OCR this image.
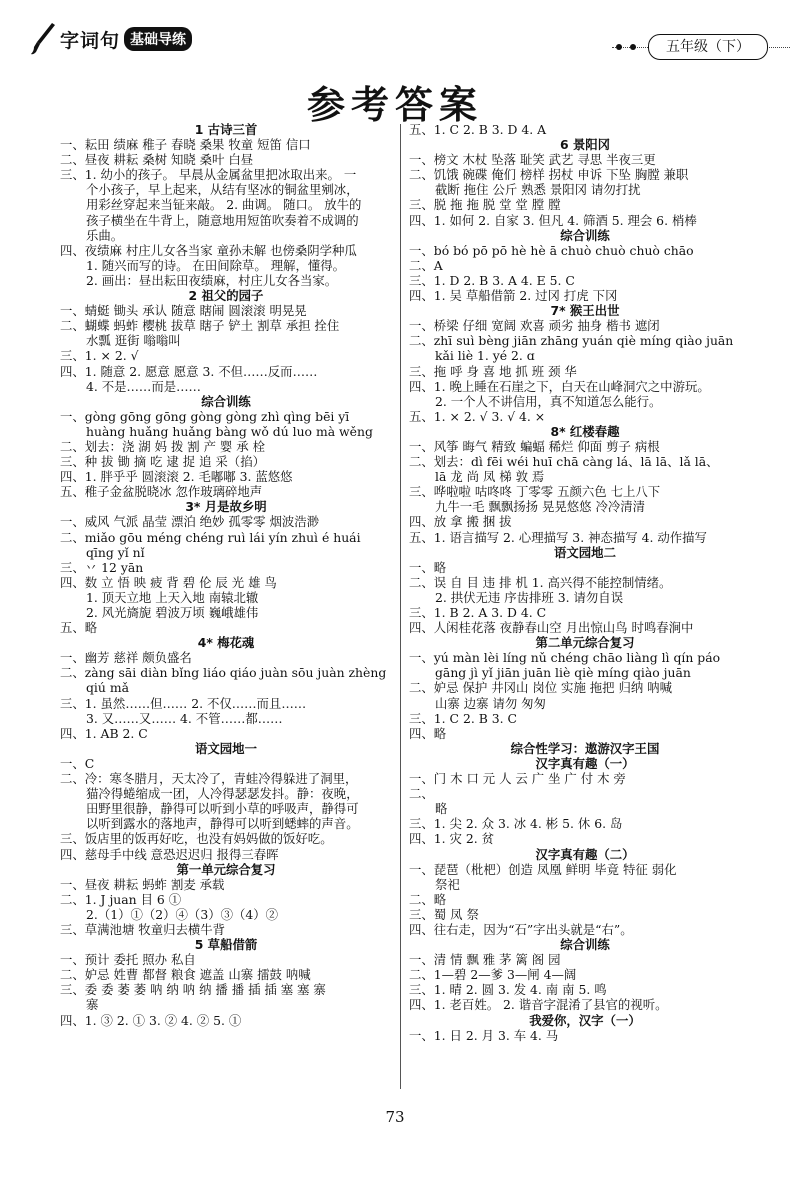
字词句 基础导练	五年级（下）
参考答案
1 古诗三首
一、耘田 绩麻 稚子 春晓 桑果 牧童 短笛 信口
二、昼夜 耕耘 桑树 知晓 桑叶 白昼
三、1. 幼小的孩子。 早晨从金属盆里把冰取出来。 一
个小孩子，早上起来，从结有坚冰的铜盆里剜冰，
用彩丝穿起来当钲来敲。 2. 曲调。 随口。 放牛的
孩子横坐在牛背上，随意地用短笛吹奏着不成调的
乐曲。
四、夜绩麻 村庄儿女各当家 童孙未解 也傍桑阴学种瓜
1. 随兴而写的诗。 在田间除草。 理解，懂得。
2. 画出：昼出耘田夜绩麻，村庄儿女各当家。
2 祖父的园子
一、蜻蜓 锄头 承认 随意 瞎闹 圆滚滚 明晃晃
二、蝴蝶 蚂蚱 樱桃 拔草 瞎子 铲土 割草 承担 拴住
水瓢 逛街 嗡嗡叫
三、1. × 2. √
四、1. 随意 2. 愿意 愿意 3. 不但……反而……
4. 不是……而是……
综合训练
一、gòng gōng gōng gòng gòng zhì qìng bēi yī
huàng huǎng huǎng bàng wǒ dú luo mà wěng
二、划去：浇 湖 妈 拨 割 产 婴 承 栓
三、种 拔 锄 摘 吃 逮 捉 追 采（掐）
四、1. 胖乎乎 圆滚滚 2. 毛嘟嘟 3. 蓝悠悠
五、稚子金盆脱晓冰 忽作玻璃碎地声
3* 月是故乡明
一、威风 气派 晶莹 漂泊 绝妙 孤零零 烟波浩渺
二、miǎo gōu méng chéng ruì lái yín zhuì é huái
qīng yǐ nǐ
三、丷 12 yān
四、数 立 悟 映 疲 背 碧 伦 辰 光 雄 鸟
1. 顶天立地 上天入地 南辕北辙
2. 风光旖旎 碧波万顷 巍峨雄伟
五、略
4* 梅花魂
一、幽芳 慈祥 颇负盛名
二、zàng sāi diàn bǐng liáo qiáo juàn sōu juàn zhèng
qiú mǎ
三、1. 虽然……但…… 2. 不仅……而且……
3. 又……又…… 4. 不管……都……
四、1. AB 2. C
语文园地一
一、C
二、冷：寒冬腊月，天太冷了，青蛙冷得躲进了洞里，
猫冷得蜷缩成一团，人冷得瑟瑟发抖。静：夜晚，
田野里很静，静得可以听到小草的呼吸声，静得可
以听到露水的落地声，静得可以听到蟋蟀的声音。
三、饭店里的饭再好吃，也没有妈妈做的饭好吃。
四、慈母手中线 意恐迟迟归 报得三春晖
第一单元综合复习
一、昼夜 耕耘 蚂蚱 割麦 承载
二、1. J juan 目 6 ①
2.（1）①（2）④（3）③（4）②
三、草满池塘 牧童归去横牛背
5 草船借箭
一、预计 委托 照办 私自
二、妒忌 姓曹 都督 粮食 遮盖 山寨 擂鼓 呐喊
三、委 委 萎 萎 呐 纳 呐 纳 播 播 插 插 塞 塞 寨
寨
四、1. ③ 2. ① 3. ② 4. ② 5. ①
五、1. C 2. B 3. D 4. A
6 景阳冈
一、榜文 木杖 坠落 耻笑 武艺 寻思 半夜三更
二、饥饿 碗碟 俺们 榜样 拐杖 申诉 下坠 胸膛 兼职
截断 拖住 公斤 熟悉 景阳冈 请勿打扰
三、脱 拖 拖 脱 堂 堂 膛 膛
四、1. 如何 2. 自家 3. 但凡 4. 筛酒 5. 理会 6. 梢棒
综合训练
一、bó bó pō pō hè hè ā chuò chuò chuò chāo
二、A
三、1. D 2. B 3. A 4. E 5. C
四、1. 吴 草船借箭 2. 过冈 打虎 下冈
7* 猴王出世
一、桥梁 仔细 宽阔 欢喜 顽劣 抽身 楷书 遮闭
二、zhī suì bèng jiān zhāng yuán qiè míng qiào juān
kǎi liè 1. yé 2. ɑ
三、拖 呼 身 喜 地 抓 班 颈 华
四、1. 晚上睡在石崖之下，白天在山峰洞穴之中游玩。
2. 一个人不讲信用，真不知道怎么能行。
五、1. × 2. √ 3. √ 4. ×
8* 红楼春趣
一、风筝 晦气 精致 蝙蝠 稀烂 仰面 剪子 病根
二、划去：dì fēi wéi huī chā càng lá、lā lā、lǎ lā、
lā 龙 尚 凤 梯 敦 焉
三、哗啦啦 咕咚咚 丁零零 五颜六色 七上八下
九牛一毛 飘飘扬扬 晃晃悠悠 冷冷清清
四、放 拿 搬 捆 拔
五、1. 语言描写 2. 心理描写 3. 神态描写 4. 动作描写
语文园地二
一、略
二、误 自 目 违 排 机 1. 高兴得不能控制情绪。
2. 拱伏无违 序齿排班 3. 请勿自误
三、1. B 2. A 3. D 4. C
四、人闲桂花落 夜静春山空 月出惊山鸟 时鸣春涧中
第二单元综合复习
一、yú màn lèi líng nǔ chéng chāo liàng lì qín páo
gāng jì yǐ jiān juān liè qiè míng qiào juān
二、妒忌 保护 井冈山 岗位 实施 拖把 归纳 呐喊
山寨 边寨 请勿 匆匆
三、1. C 2. B 3. C
四、略
综合性学习：遨游汉字王国
汉字真有趣（一）
一、门 木 口 元 人 云 广 坐 广 付 木 旁
二、
略
三、1. 尖 2. 众 3. 冰 4. 彬 5. 休 6. 岛
四、1. 灾 2. 贫
汉字真有趣（二）
一、琵琶（枇杷）创造 凤凰 鲜明 毕竟 特征 弱化
祭祀
二、略
三、蜀 凤 祭
四、往右走，因为“石”字出头就是“右”。
综合训练
一、清 情 飘 雅 茅 篱 阁 园
二、1—碧 2—爹 3—闸 4—阔
三、1. 晴 2. 圆 3. 发 4. 南 南 5. 鸣
四、1. 老百姓。 2. 谐音字混淆了县官的视听。
我爱你，汉字（一）
一、1. 日 2. 月 3. 车 4. 马
73
